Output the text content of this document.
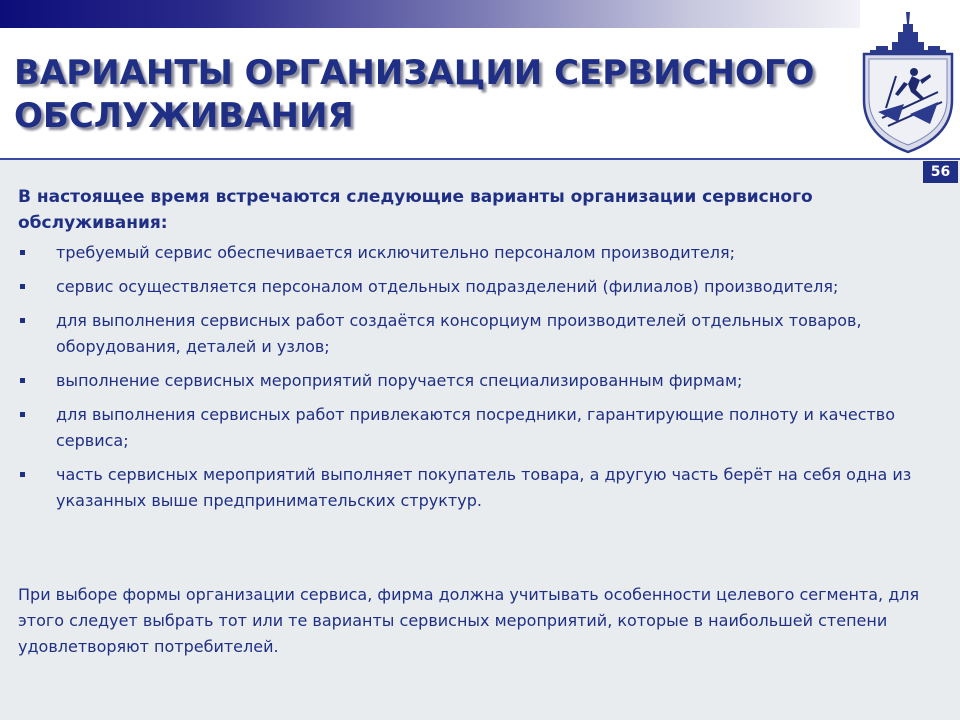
ВАРИАНТЫ ОРГАНИЗАЦИИ СЕРВИСНОГО ОБСЛУЖИВАНИЯ
56

В настоящее время встречаются следующие варианты организации сервисного обслуживания:

требуемый сервис обеспечивается исключительно персоналом производителя;
сервис осуществляется персоналом отдельных подразделений (филиалов) производителя;
для выполнения сервисных работ создаётся консорциум производителей отдельных товаров, оборудования, деталей и узлов;
выполнение сервисных мероприятий поручается специализированным фирмам;
для выполнения сервисных работ привлекаются посредники, гарантирующие полноту и качество сервиса;
часть сервисных мероприятий выполняет покупатель товара, а другую часть берёт на себя одна из указанных выше предпринимательских структур.

При выборе формы организации сервиса, фирма должна учитывать особенности целевого сегмента, для этого следует выбрать тот или те варианты сервисных мероприятий, которые в наибольшей степени удовлетворяют потребителей.
